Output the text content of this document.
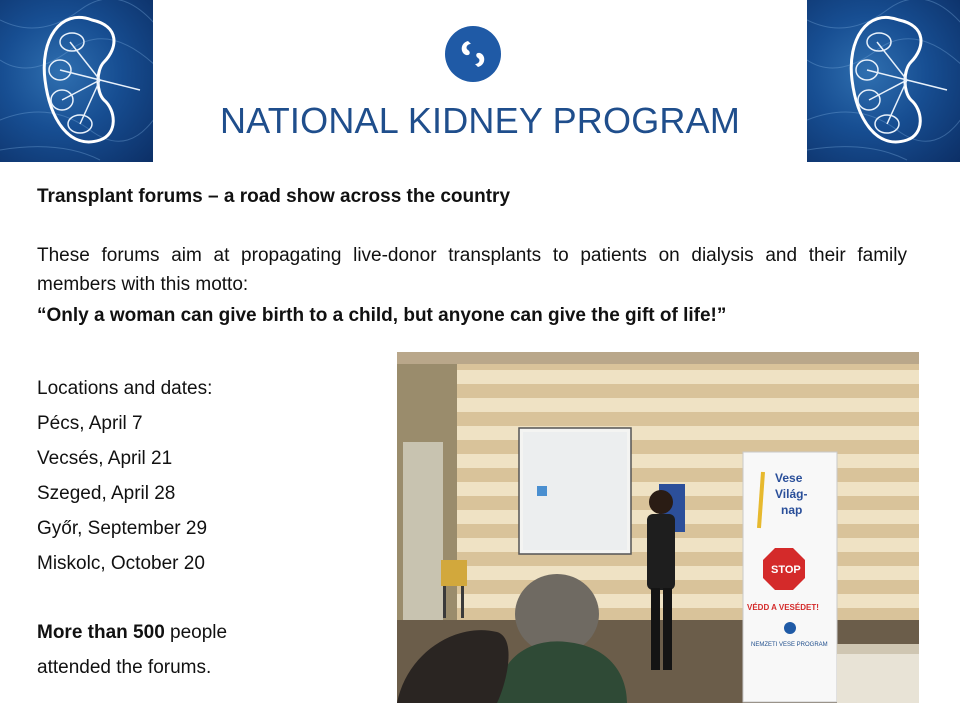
NATIONAL KIDNEY PROGRAM
Transplant forums – a road show across the country
These forums aim at propagating live-donor transplants to patients on dialysis and their family members with this motto:
“Only a woman can give birth to a child, but anyone can give the gift of life!”
Locations and dates:
Pécs, April 7
Vecsés, April 21
Szeged, April 28
Győr, September 29
Miskolc, October 20
More than 500 people
attended the forums.
Vese
Világ-
nap
STOP
VÉDD A VESÉDET!
NEMZETI VESE PROGRAM
